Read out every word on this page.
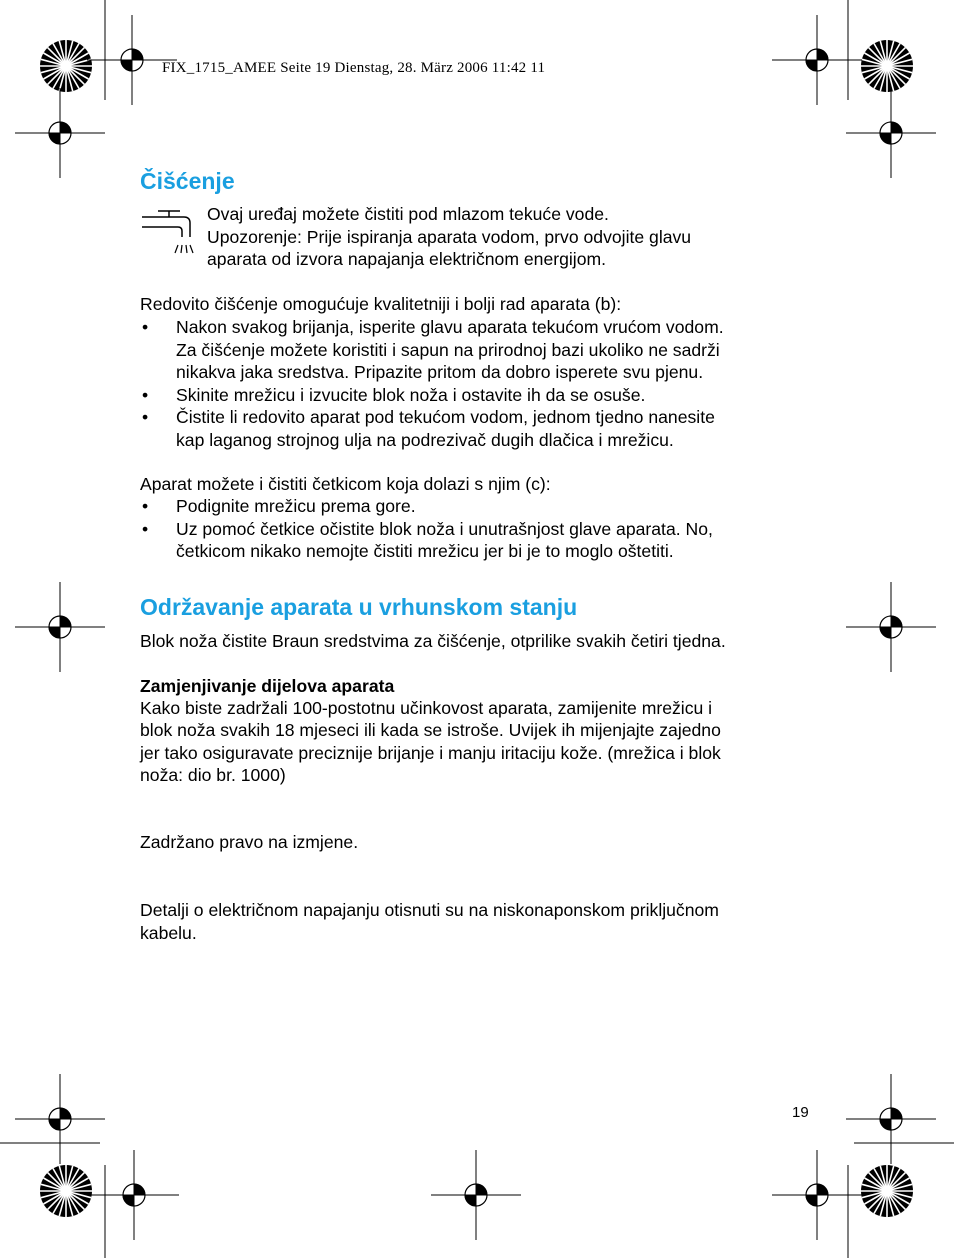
FIX_1715_AMEE Seite 19 Dienstag, 28. März 2006 11:42 11
Čišćenje
Ovaj uređaj možete čistiti pod mlazom tekuće vode.
Upozorenje: Prije ispiranja aparata vodom, prvo odvojite glavu
aparata od izvora napajanja električnom energijom.
Redovito čišćenje omogućuje kvalitetniji i bolji rad aparata (b):
• Nakon svakog brijanja, isperite glavu aparata tekućom vrućom vodom.
Za čišćenje možete koristiti i sapun na prirodnoj bazi ukoliko ne sadrži
nikakva jaka sredstva. Pripazite pritom da dobro isperete svu pjenu.
• Skinite mrežicu i izvucite blok noža i ostavite ih da se osuše.
• Čistite li redovito aparat pod tekućom vodom, jednom tjedno nanesite
kap laganog strojnog ulja na podrezivač dugih dlačica i mrežicu.
Aparat možete i čistiti četkicom koja dolazi s njim (c):
• Podignite mrežicu prema gore.
• Uz pomoć četkice očistite blok noža i unutrašnjost glave aparata. No,
četkicom nikako nemojte čistiti mrežicu jer bi je to moglo oštetiti.
Održavanje aparata u vrhunskom stanju
Blok noža čistite Braun sredstvima za čišćenje, otprilike svakih četiri tjedna.
Zamjenjivanje dijelova aparata
Kako biste zadržali 100-postotnu učinkovost aparata, zamijenite mrežicu i
blok noža svakih 18 mjeseci ili kada se istroše. Uvijek ih mijenjajte zajedno
jer tako osiguravate preciznije brijanje i manju iritaciju kože. (mrežica i blok
noža: dio br. 1000)
Zadržano pravo na izmjene.
Detalji o električnom napajanju otisnuti su na niskonaponskom priključnom
kabelu.
19
